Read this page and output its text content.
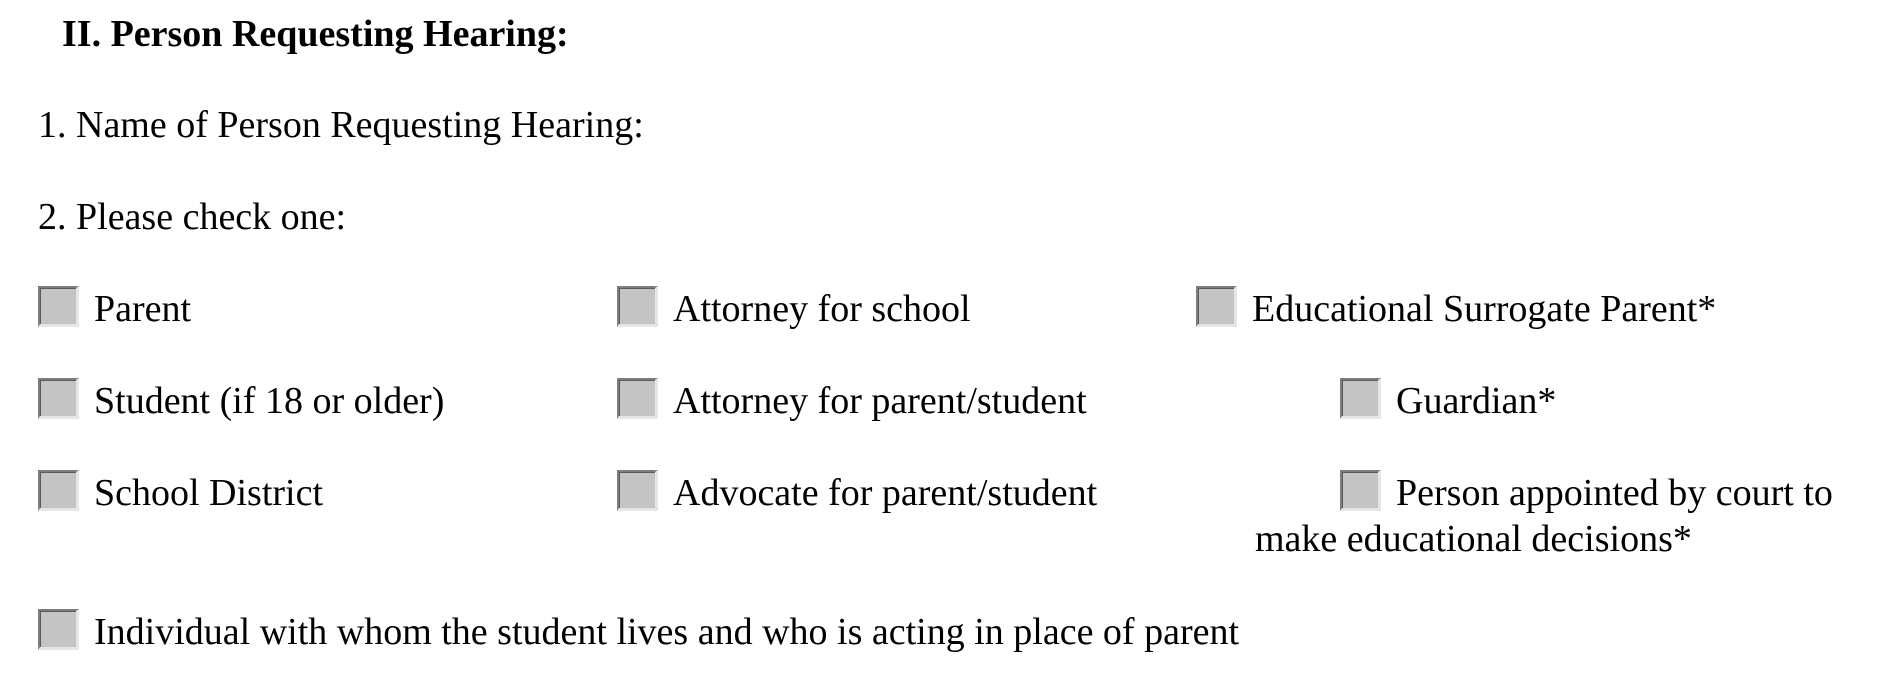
II. Person Requesting Hearing:
1. Name of Person Requesting Hearing:
2. Please check one:
Parent	Attorney for school	Educational Surrogate Parent*
Student (if 18 or older)	Attorney for parent/student	Guardian*
School District	Advocate for parent/student	Person appointed by court to
make educational decisions*
Individual with whom the student lives and who is acting in place of parent
